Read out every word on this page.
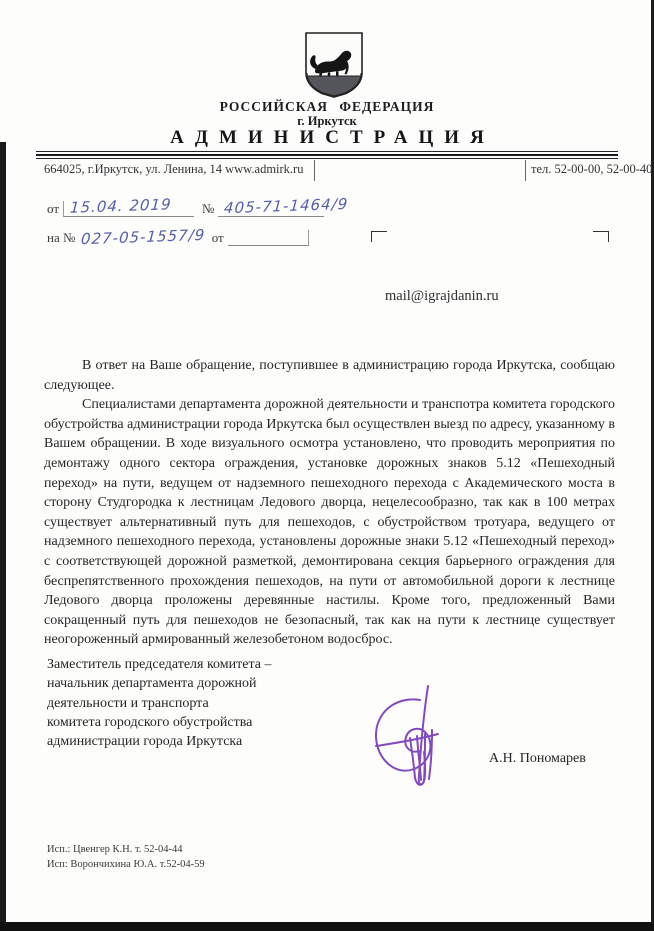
РОССИЙСКАЯ ФЕДЕРАЦИЯ
г. Иркутск
АДМИНИСТРАЦИЯ
664025, г.Иркутск, ул. Ленина, 14 www.admirk.ru	тел. 52-00-00, 52-00-40
от 15.04. 2019 № 405-71-1464/9
на № 027-05-1557/9 от
mail@igrajdanin.ru

В ответ на Ваше обращение, поступившее в администрацию города Иркутска, сообщаю следующее.

Специалистами департамента дорожной деятельности и транспотра комитета городского обустройства администрации города Иркутска был осуществлен выезд по адресу, указанному в Вашем обращении. В ходе визуального осмотра установлено, что проводить мероприятия по демонтажу одного сектора ограждения, установке дорожных знаков 5.12 «Пешеходный переход» на пути, ведущем от надземного пешеходного перехода с Академического моста в сторону Студгородка к лестницам Ледового дворца, нецелесообразно, так как в 100 метрах существует альтернативный путь для пешеходов, с обустройством тротуара, ведущего от надземного пешеходного перехода, установлены дорожные знаки 5.12 «Пешеходный переход» с соответствующей дорожной разметкой, демонтирована секция барьерного ограждения для беспрепятственного прохождения пешеходов, на пути от автомобильной дороги к лестнице Ледового дворца проложены деревянные настилы. Кроме того, предложенный Вами сокращенный путь для пешеходов не безопасный, так как на пути к лестнице существует неогороженный армированный железобетоном водосброс.

Заместитель председателя комитета –
начальник департамента дорожной
деятельности и транспорта
комитета городского обустройства
администрации города Иркутска
А.Н. Пономарев
Исп.: Цвенгер К.Н. т. 52-04-44
Исп: Ворончихина Ю.А. т.52-04-59
